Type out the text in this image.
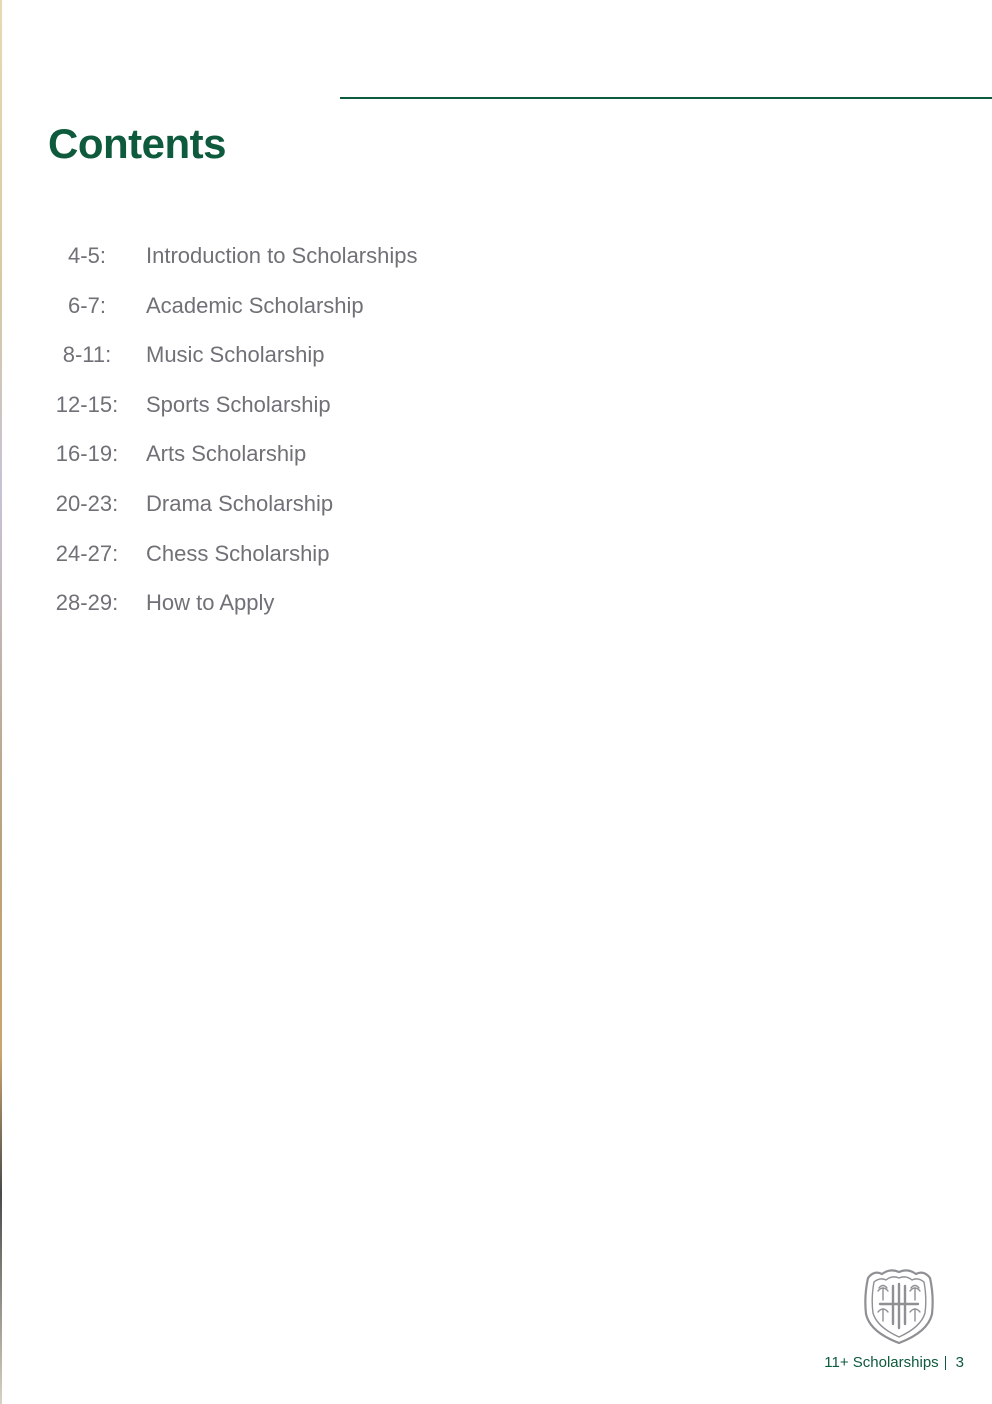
Contents
4-5:	Introduction to Scholarships
6-7:	Academic Scholarship
8-11:	Music Scholarship
12-15:	Sports Scholarship
16-19:	Arts Scholarship
20-23:	Drama Scholarship
24-27:	Chess Scholarship
28-29:	How to Apply
11+ Scholarships 3
